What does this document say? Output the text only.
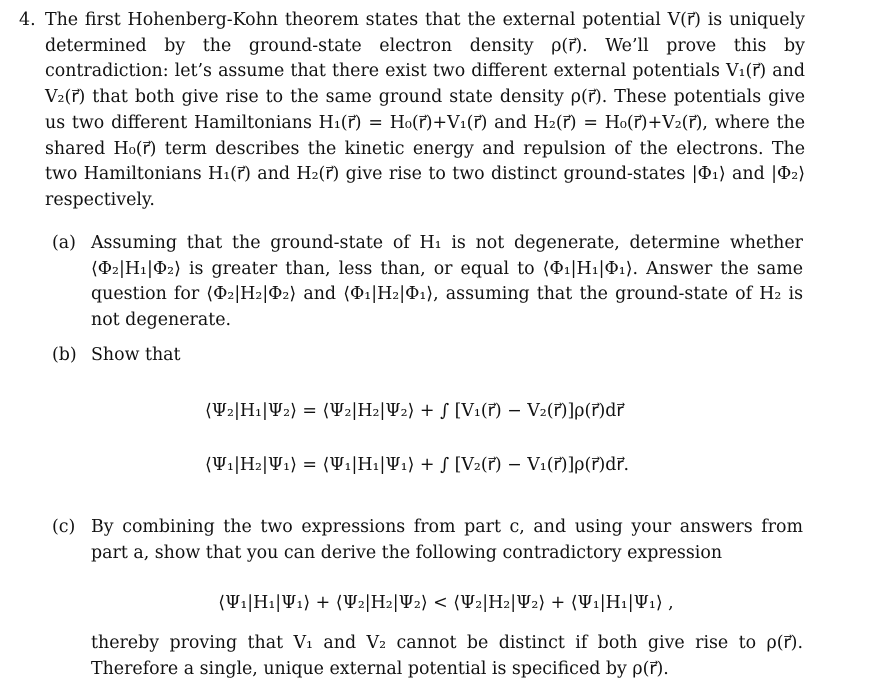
4. The first Hohenberg-Kohn theorem states that the external potential V(r⃗) is uniquely determined by the ground-state electron density ρ(r⃗). We’ll prove this by contradiction: let’s assume that there exist two different external potentials V₁(r⃗) and V₂(r⃗) that both give rise to the same ground state density ρ(r⃗). These potentials give us two different Hamiltonians H₁(r⃗) = H₀(r⃗)+V₁(r⃗) and H₂(r⃗) = H₀(r⃗)+V₂(r⃗), where the shared H₀(r⃗) term describes the kinetic energy and repulsion of the electrons. The two Hamiltonians H₁(r⃗) and H₂(r⃗) give rise to two distinct ground-states |Φ₁⟩ and |Φ₂⟩ respectively.

(a) Assuming that the ground-state of H₁ is not degenerate, determine whether ⟨Φ₂|H₁|Φ₂⟩ is greater than, less than, or equal to ⟨Φ₁|H₁|Φ₁⟩. Answer the same question for ⟨Φ₂|H₂|Φ₂⟩ and ⟨Φ₁|H₂|Φ₁⟩, assuming that the ground-state of H₂ is not degenerate.

(b) Show that

⟨Ψ₂|H₁|Ψ₂⟩ = ⟨Ψ₂|H₂|Ψ₂⟩ + ∫ [V₁(r⃗) − V₂(r⃗)]ρ(r⃗)dr⃗
⟨Ψ₁|H₂|Ψ₁⟩ = ⟨Ψ₁|H₁|Ψ₁⟩ + ∫ [V₂(r⃗) − V₁(r⃗)]ρ(r⃗)dr⃗.
(c) By combining the two expressions from part c, and using your answers from part a, show that you can derive the following contradictory expression

⟨Ψ₁|H₁|Ψ₁⟩ + ⟨Ψ₂|H₂|Ψ₂⟩ < ⟨Ψ₂|H₂|Ψ₂⟩ + ⟨Ψ₁|H₁|Ψ₁⟩ ,

thereby proving that V₁ and V₂ cannot be distinct if both give rise to ρ(r⃗). Therefore a single, unique external potential is specificed by ρ(r⃗).
